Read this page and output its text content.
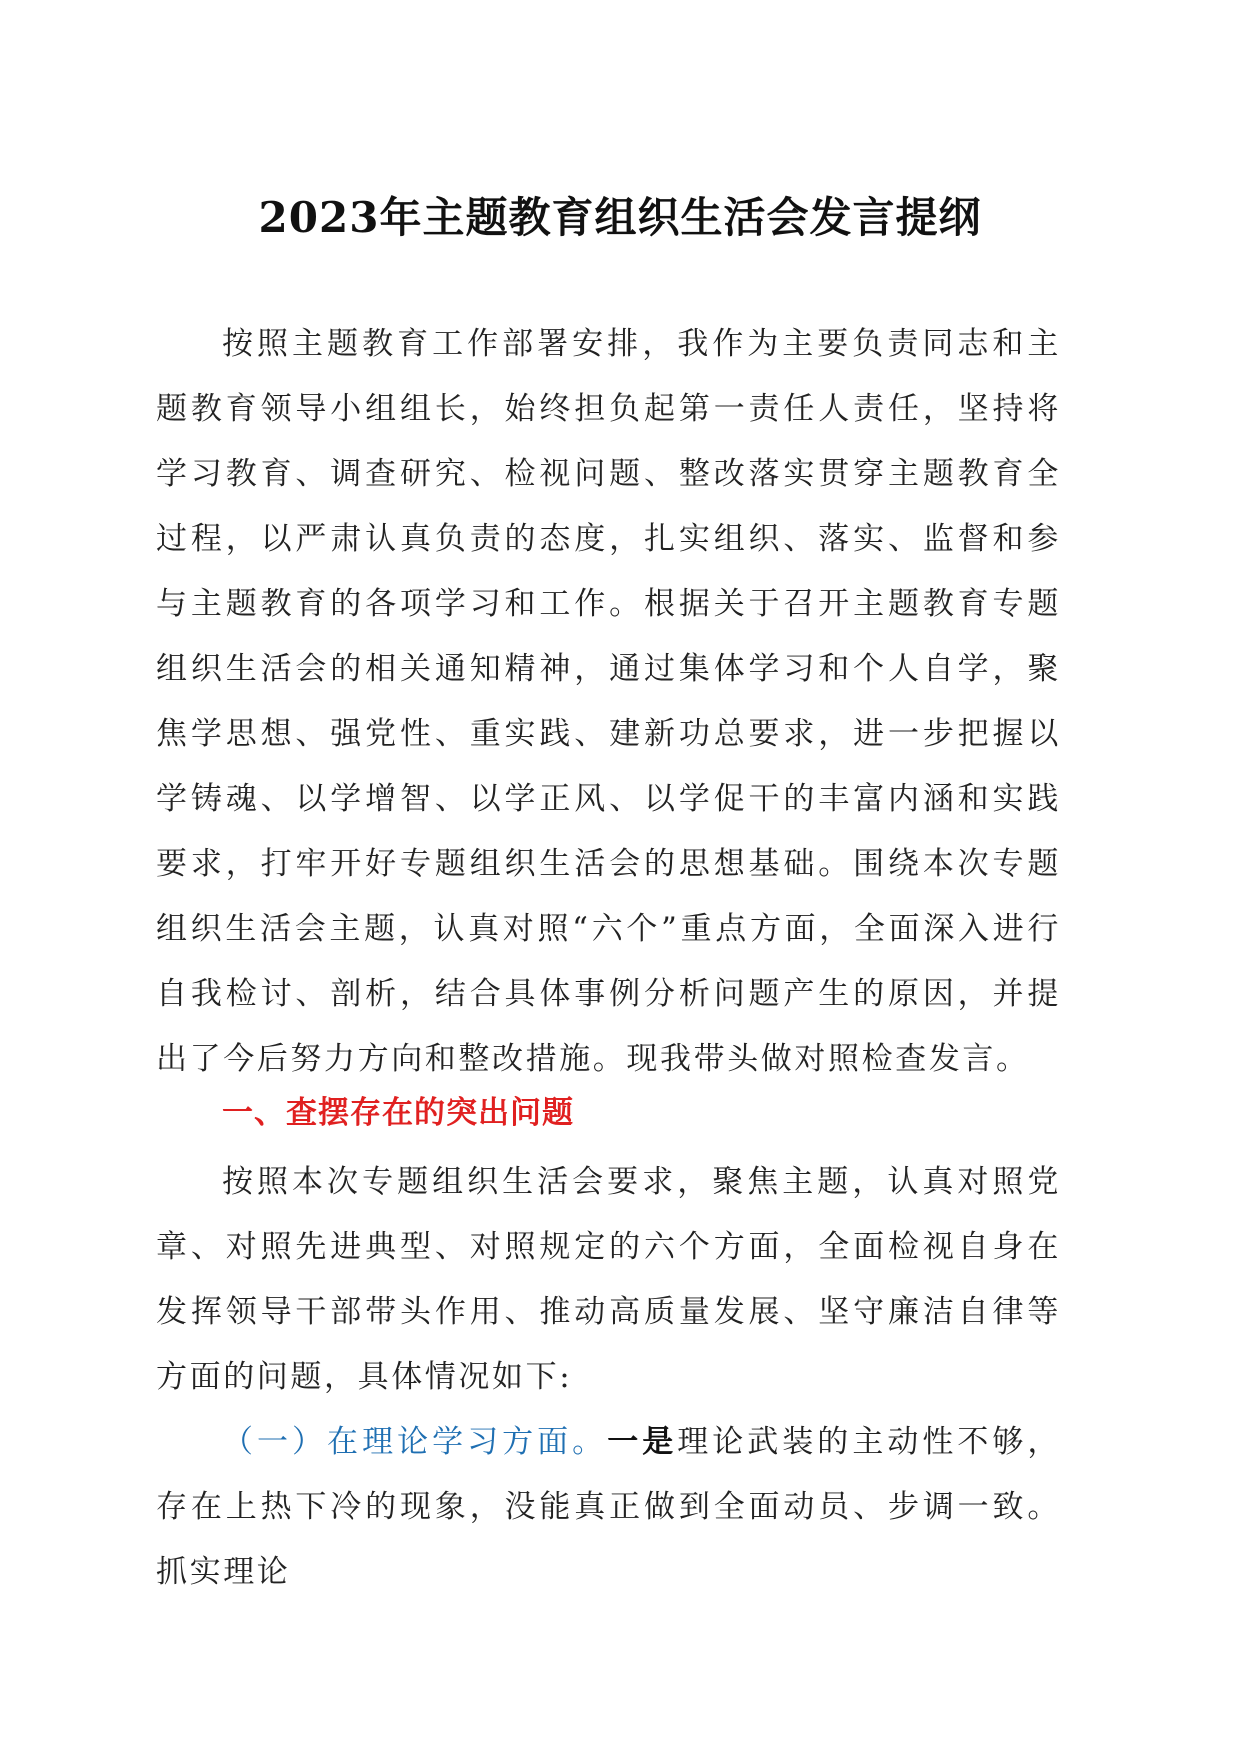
2023年主题教育组织生活会发言提纲

按照主题教育工作部署安排，我作为主要负责同志和主题教育领导小组组长，始终担负起第一责任人责任，坚持将学习教育、调查研究、检视问题、整改落实贯穿主题教育全过程，以严肃认真负责的态度，扎实组织、落实、监督和参与主题教育的各项学习和工作。根据关于召开主题教育专题组织生活会的相关通知精神，通过集体学习和个人自学，聚焦学思想、强党性、重实践、建新功总要求，进一步把握以学铸魂、以学增智、以学正风、以学促干的丰富内涵和实践要求，打牢开好专题组织生活会的思想基础。围绕本次专题组织生活会主题，认真对照“六个”重点方面，全面深入进行自我检讨、剖析，结合具体事例分析问题产生的原因，并提出了今后努力方向和整改措施。现我带头做对照检查发言。

一、查摆存在的突出问题

按照本次专题组织生活会要求，聚焦主题，认真对照党章、对照先进典型、对照规定的六个方面，全面检视自身在发挥领导干部带头作用、推动高质量发展、坚守廉洁自律等方面的问题，具体情况如下:

（一）在理论学习方面。一是理论武装的主动性不够，存在上热下冷的现象，没能真正做到全面动员、步调一致。抓实理论
